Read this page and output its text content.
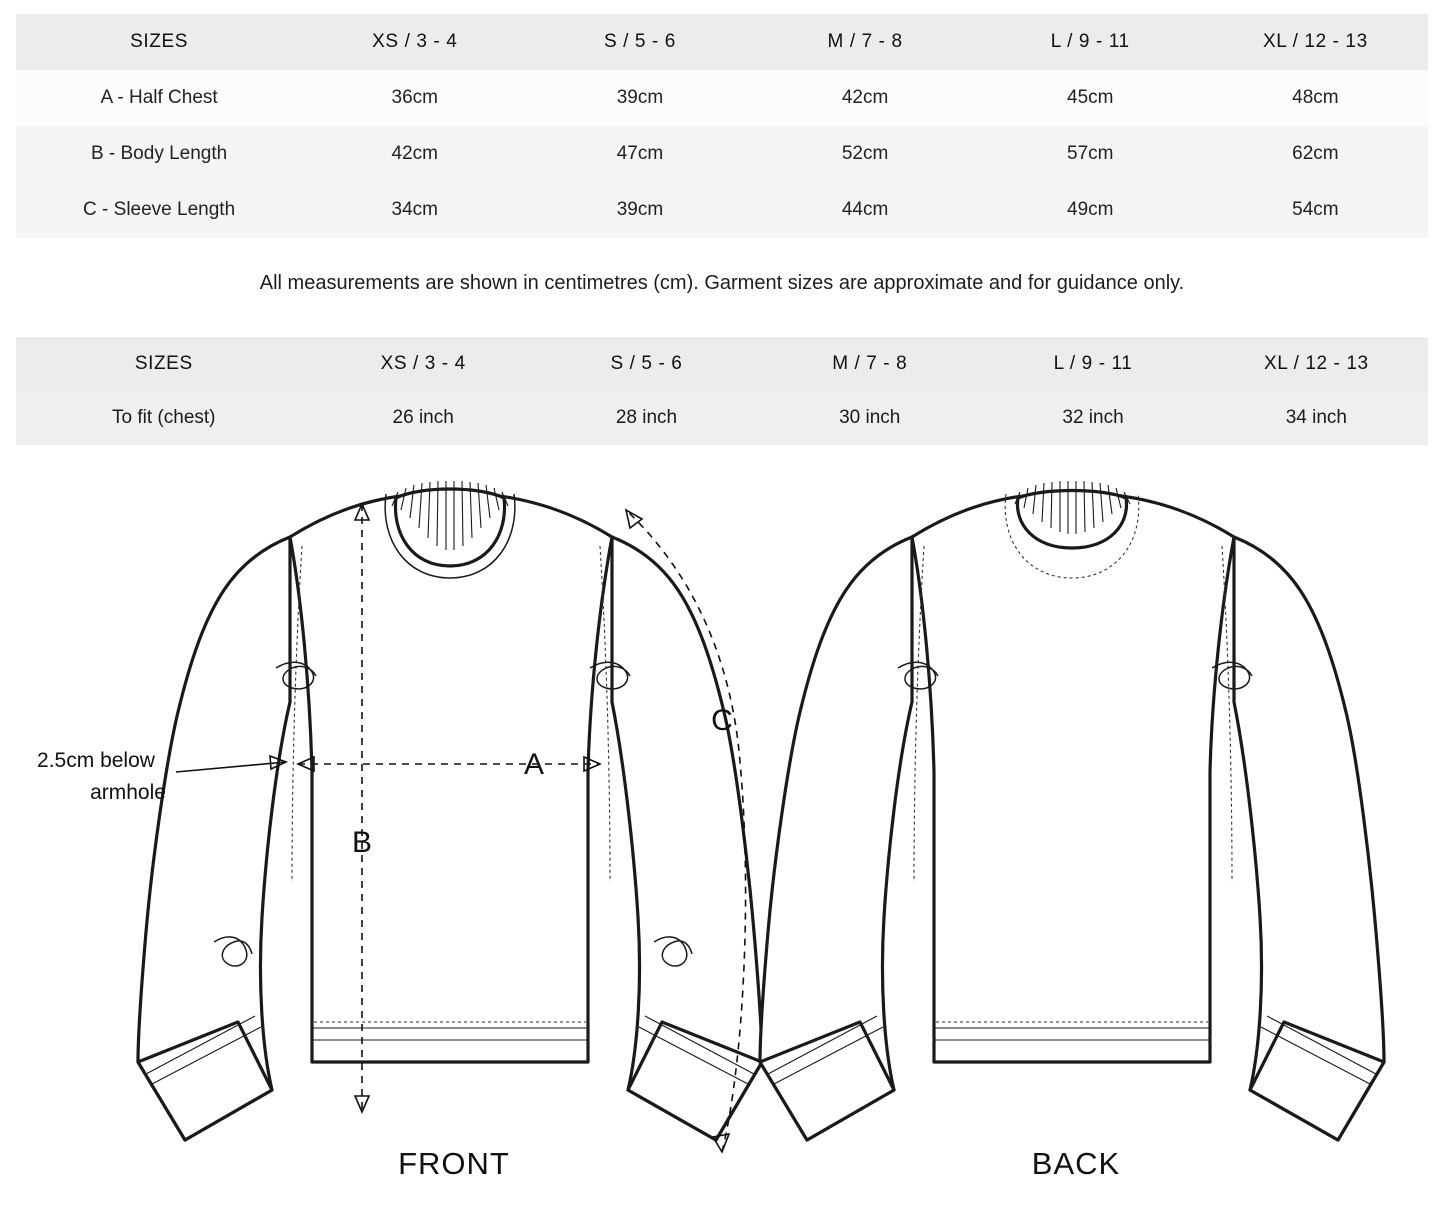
SIZES	XS / 3 - 4	S / 5 - 6	M / 7 - 8	L / 9 - 11	XL / 12 - 13
A - Half Chest	36cm	39cm	42cm	45cm	48cm
B - Body Length	42cm	47cm	52cm	57cm	62cm
C - Sleeve Length	34cm	39cm	44cm	49cm	54cm
All measurements are shown in centimetres (cm). Garment sizes are approximate and for guidance only.
SIZES	XS / 3 - 4	S / 5 - 6	M / 7 - 8	L / 9 - 11	XL / 12 - 13
To fit (chest)	26 inch	28 inch	30 inch	32 inch	34 inch
A
B
C
2.5cm below
armhole
FRONT	BACK
